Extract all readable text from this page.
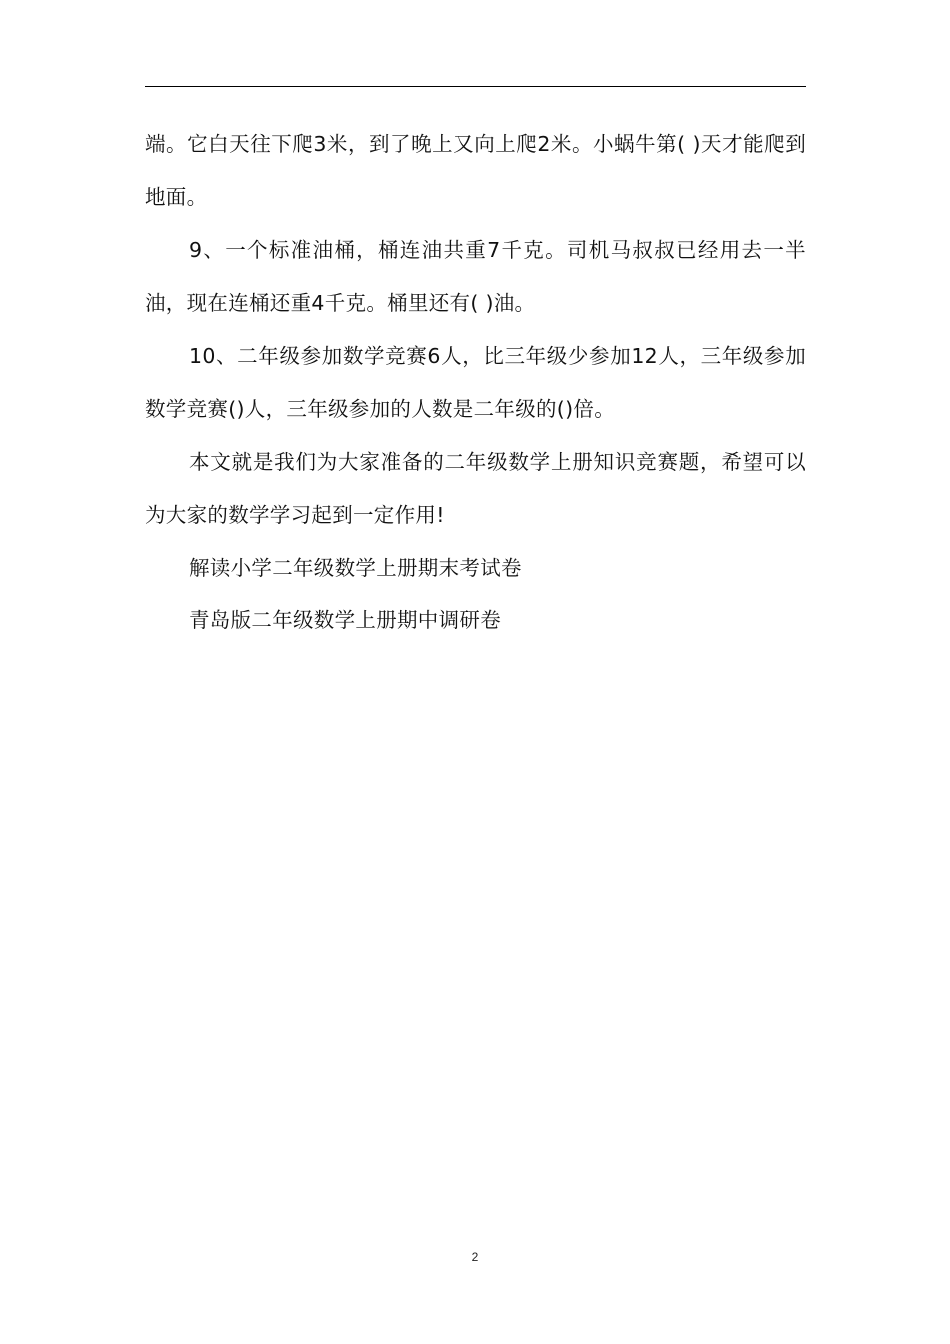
端。它白天往下爬3米，到了晚上又向上爬2米。小蜗牛第( )天才能爬到地面。

9、一个标准油桶，桶连油共重7千克。司机马叔叔已经用去一半油，现在连桶还重4千克。桶里还有( )油。

10、二年级参加数学竞赛6人，比三年级少参加12人，三年级参加数学竞赛()人，三年级参加的人数是二年级的()倍。

本文就是我们为大家准备的二年级数学上册知识竞赛题，希望可以为大家的数学学习起到一定作用!

解读小学二年级数学上册期末考试卷

青岛版二年级数学上册期中调研卷

2
